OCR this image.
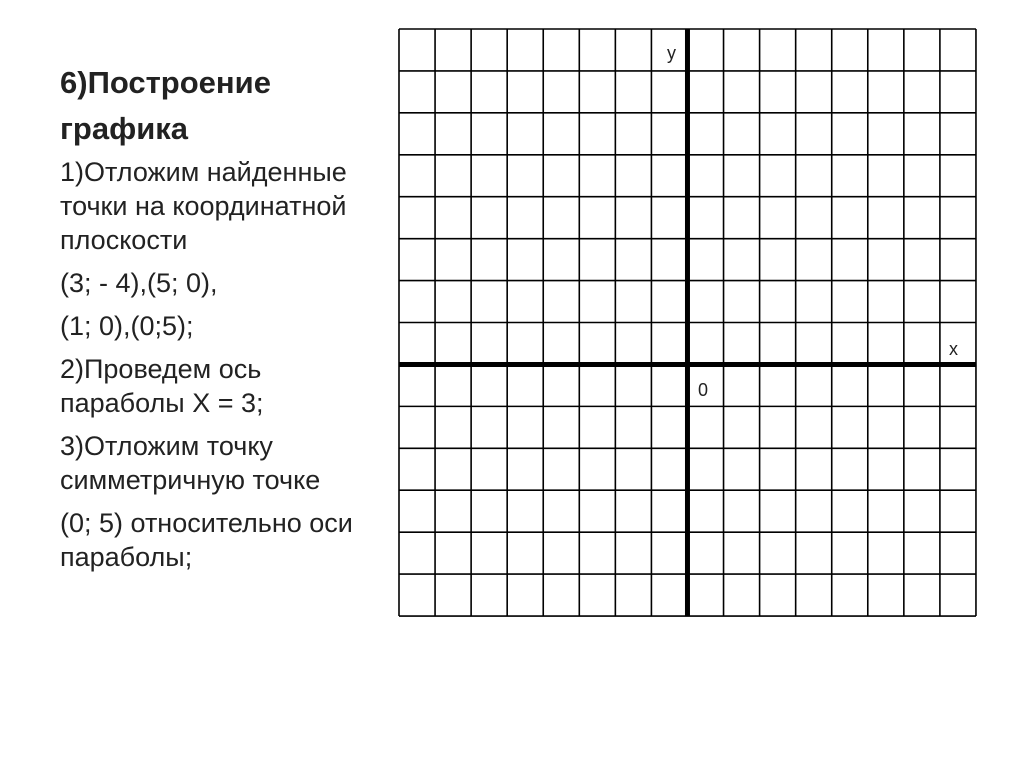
6)Построение графика
1)Отложим найденные точки на координатной плоскости
(3; - 4),(5; 0),
(1; 0),(0;5);
2)Проведем ось параболы Х = 3;
3)Отложим точку симметричную точке
(0; 5) относительно оси параболы;
у
х
0
